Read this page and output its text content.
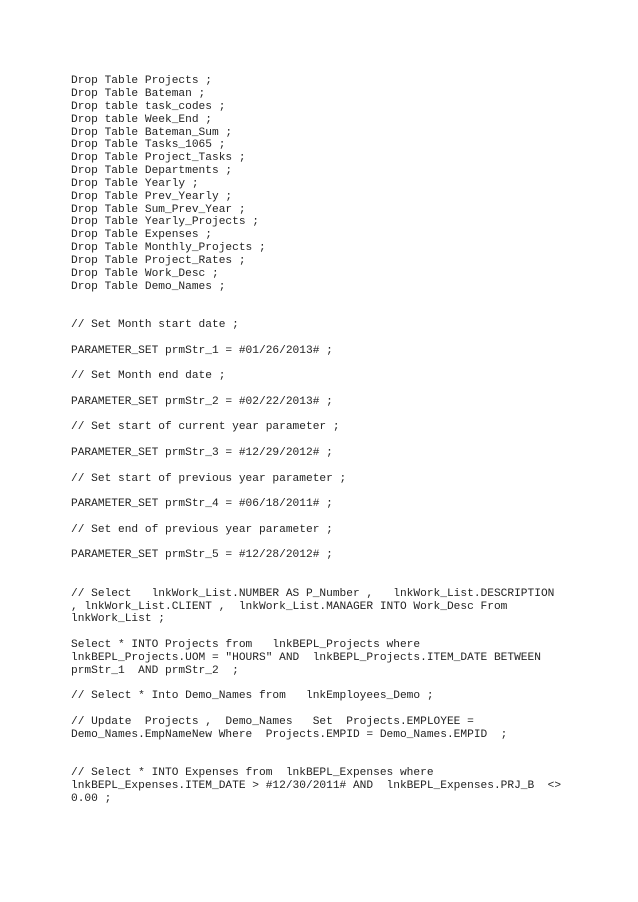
Drop Table Projects ;
Drop Table Bateman ;
Drop table task_codes ;
Drop table Week_End ;
Drop Table Bateman_Sum ;
Drop Table Tasks_1065 ;
Drop Table Project_Tasks ;
Drop Table Departments ;
Drop Table Yearly ;
Drop Table Prev_Yearly ;
Drop Table Sum_Prev_Year ;
Drop Table Yearly_Projects ;
Drop Table Expenses ;
Drop Table Monthly_Projects ;
Drop Table Project_Rates ;
Drop Table Work_Desc ;
Drop Table Demo_Names ;
// Set Month start date ;
PARAMETER_SET prmStr_1 = #01/26/2013# ;
// Set Month end date ;
PARAMETER_SET prmStr_2 = #02/22/2013# ;
// Set start of current year parameter ;
PARAMETER_SET prmStr_3 = #12/29/2012# ;
// Set start of previous year parameter ;
PARAMETER_SET prmStr_4 = #06/18/2011# ;
// Set end of previous year parameter ;
PARAMETER_SET prmStr_5 = #12/28/2012# ;
// Select   lnkWork_List.NUMBER AS P_Number ,   lnkWork_List.DESCRIPTION
, lnkWork_List.CLIENT ,  lnkWork_List.MANAGER INTO Work_Desc From
lnkWork_List ;
Select * INTO Projects from   lnkBEPL_Projects where
lnkBEPL_Projects.UOM = "HOURS" AND  lnkBEPL_Projects.ITEM_DATE BETWEEN
prmStr_1  AND prmStr_2  ;
// Select * Into Demo_Names from   lnkEmployees_Demo ;
// Update  Projects ,  Demo_Names   Set  Projects.EMPLOYEE =
Demo_Names.EmpNameNew Where  Projects.EMPID = Demo_Names.EMPID  ;
// Select * INTO Expenses from  lnkBEPL_Expenses where
lnkBEPL_Expenses.ITEM_DATE > #12/30/2011# AND  lnkBEPL_Expenses.PRJ_B  <>
0.00 ;
